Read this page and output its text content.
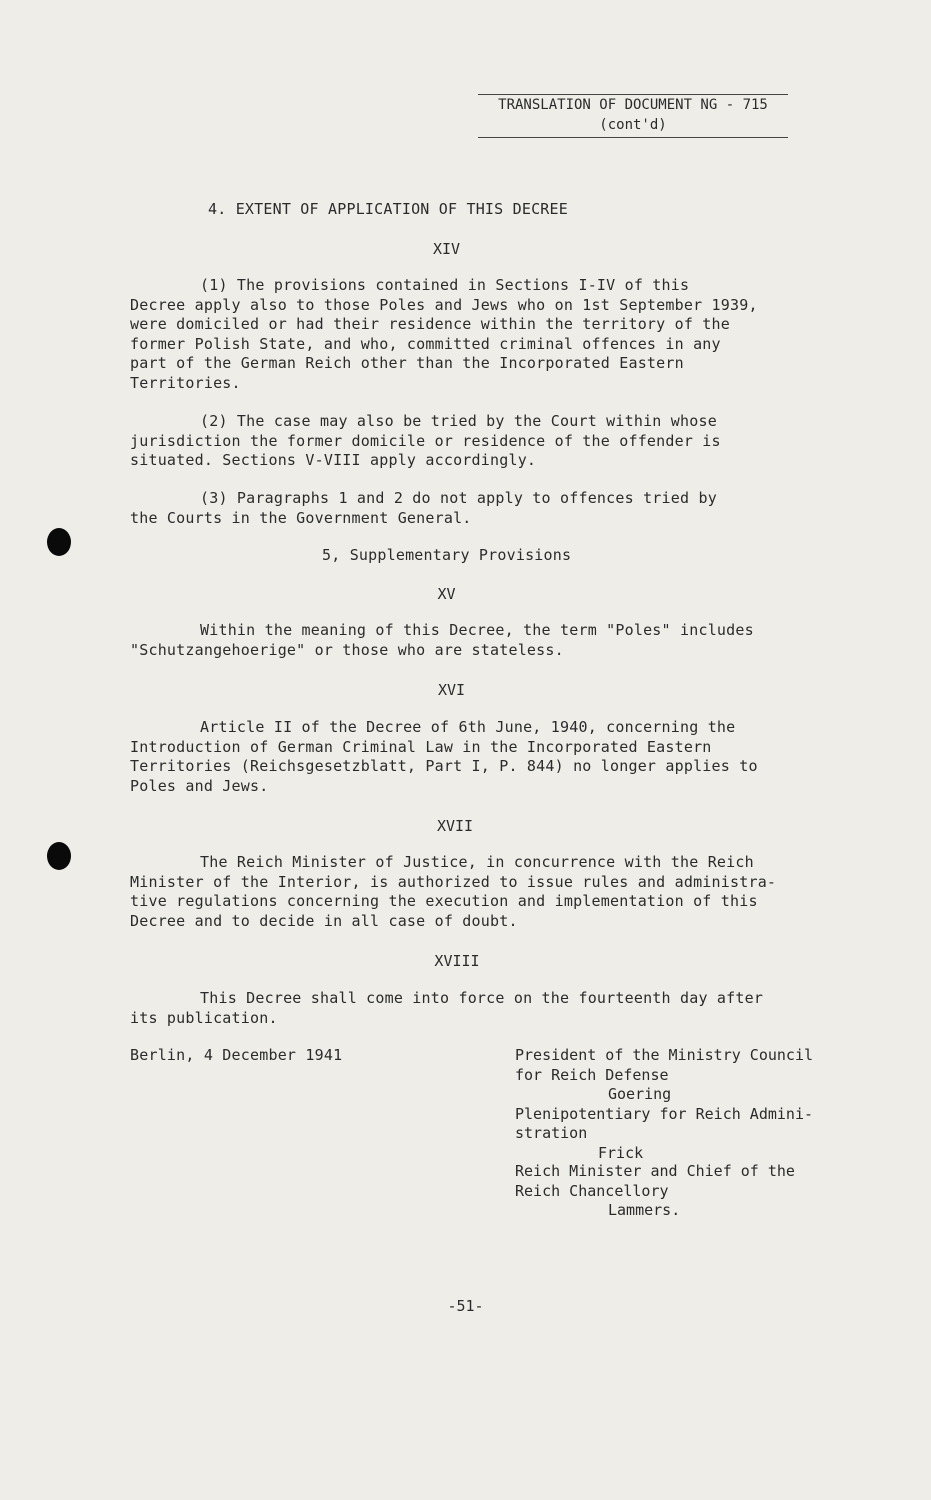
TRANSLATION OF DOCUMENT NG - 715
(cont'd)
4. EXTENT OF APPLICATION OF THIS DECREE
XIV
(1) The provisions contained in Sections I-IV of this
Decree apply also to those Poles and Jews who on 1st September 1939,
were domiciled or had their residence within the territory of the
former Polish State, and who, committed criminal offences in any
part of the German Reich other than the Incorporated Eastern
Territories.
(2) The case may also be tried by the Court within whose
jurisdiction the former domicile or residence of the offender is
situated. Sections V-VIII apply accordingly.
(3) Paragraphs 1 and 2 do not apply to offences tried by
the Courts in the Government General.
5, Supplementary Provisions
XV
Within the meaning of this Decree, the term "Poles" includes
"Schutzangehoerige" or those who are stateless.
XVI
Article II of the Decree of 6th June, 1940, concerning the
Introduction of German Criminal Law in the Incorporated Eastern
Territories (Reichsgesetzblatt, Part I, P. 844) no longer applies to
Poles and Jews.
XVII
The Reich Minister of Justice, in concurrence with the Reich
Minister of the Interior, is authorized to issue rules and administra-
tive regulations concerning the execution and implementation of this
Decree and to decide in all case of doubt.
XVIII
This Decree shall come into force on the fourteenth day after
its publication.
Berlin, 4 December 1941	President of the Ministry Council
for Reich Defense
Goering
Plenipotentiary for Reich Admini-
stration
Frick
Reich Minister and Chief of the
Reich Chancellory
Lammers.
-51-
